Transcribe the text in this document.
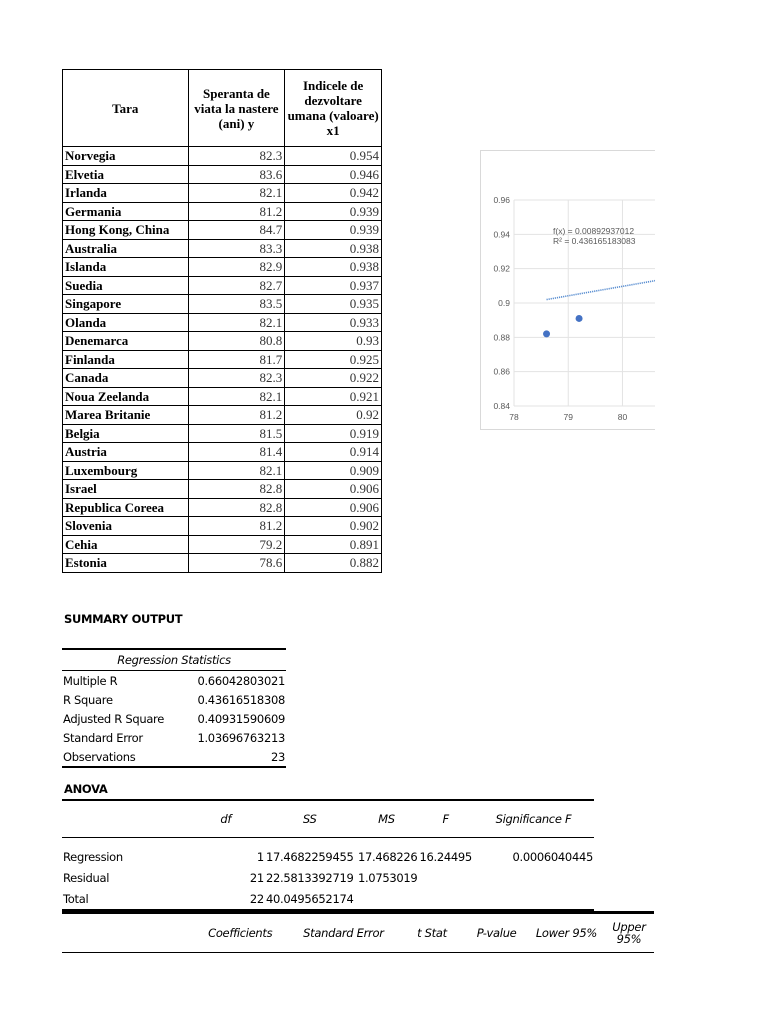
Tara	Speranta de viata la nastere (ani) y	Indicele de dezvoltare umana (valoare) x1
Norvegia	82.3	0.954
Elvetia	83.6	0.946
Irlanda	82.1	0.942
Germania	81.2	0.939
Hong Kong, China	84.7	0.939
Australia	83.3	0.938
Islanda	82.9	0.938
Suedia	82.7	0.937
Singapore	83.5	0.935
Olanda	82.1	0.933
Denemarca	80.8	0.93
Finlanda	81.7	0.925
Canada	82.3	0.922
Noua Zeelanda	82.1	0.921
Marea Britanie	81.2	0.92
Belgia	81.5	0.919
Austria	81.4	0.914
Luxembourg	82.1	0.909
Israel	82.8	0.906
Republica Coreea	82.8	0.906
Slovenia	81.2	0.902
Cehia	79.2	0.891
Estonia	78.6	0.882
0.96
0.94
0.92
0.9
0.88
0.86
0.84
78	79	80
f(x) = 0.00892937012
R² = 0.436165183083
SUMMARY OUTPUT
Regression Statistics	
Multiple R	0.66042803021
R Square	0.43616518308
Adjusted R Square	0.40931590609
Standard Error	1.03696763213
Observations	23
ANOVA
	df	SS	MS	F	Significance F

Regression	1	17.4682259455	17.468226	16.24495	0.0006040445
Residual	21	22.5813392719	1.0753019		
Total	22	40.0495652174			
	Coefficients	Standard Error	t Stat	P-value	Lower 95%	Upper 95%
